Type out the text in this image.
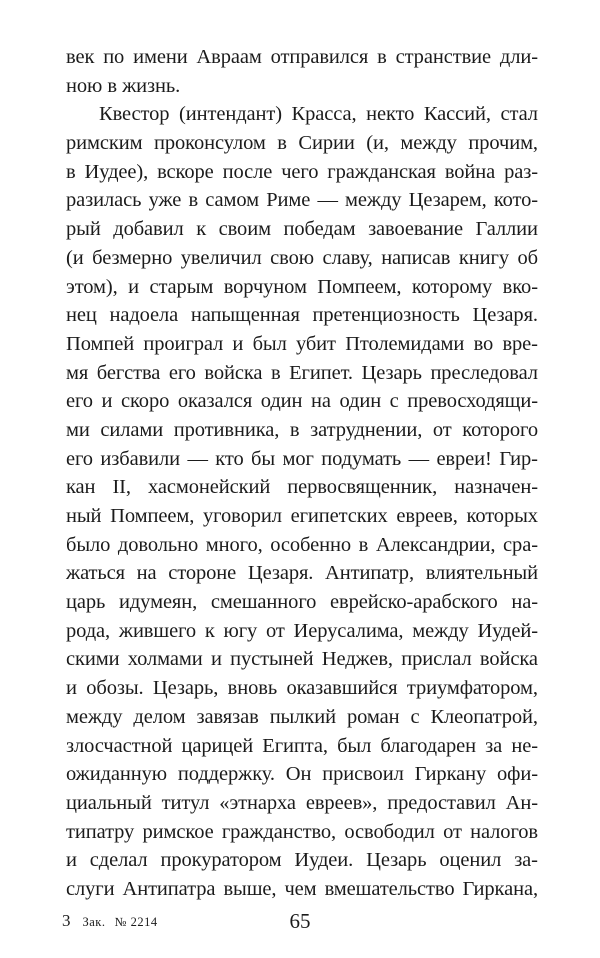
век по имени Авраам отправился в странствие дли-

ною в жизнь.

Квестор (интендант) Красса, некто Кассий, стал

римским проконсулом в Сирии (и, между прочим,

в Иудее), вскоре после чего гражданская война раз-

разилась уже в самом Риме — между Цезарем, кото-

рый добавил к своим победам завоевание Галлии

(и безмерно увеличил свою славу, написав книгу об

этом), и старым ворчуном Помпеем, которому вко-

нец надоела напыщенная претенциозность Цезаря.

Помпей проиграл и был убит Птолемидами во вре-

мя бегства его войска в Египет. Цезарь преследовал

его и скоро оказался один на один с превосходящи-

ми силами противника, в затруднении, от которого

его избавили — кто бы мог подумать — евреи! Гир-

кан II, хасмонейский первосвященник, назначен-

ный Помпеем, уговорил египетских евреев, которых

было довольно много, особенно в Александрии, сра-

жаться на стороне Цезаря. Антипатр, влиятельный

царь идумеян, смешанного еврейско-арабского на-

рода, жившего к югу от Иерусалима, между Иудей-

скими холмами и пустыней Неджев, прислал войска

и обозы. Цезарь, вновь оказавшийся триумфатором,

между делом завязав пылкий роман с Клеопатрой,

злосчастной царицей Египта, был благодарен за не-

ожиданную поддержку. Он присвоил Гиркану офи-

циальный титул «этнарха евреев», предоставил Ан-

типатру римское гражданство, освободил от налогов

и сделал прокуратором Иудеи. Цезарь оценил за-

слуги Антипатра выше, чем вмешательство Гиркана,

3 Зак. № 2214	65
